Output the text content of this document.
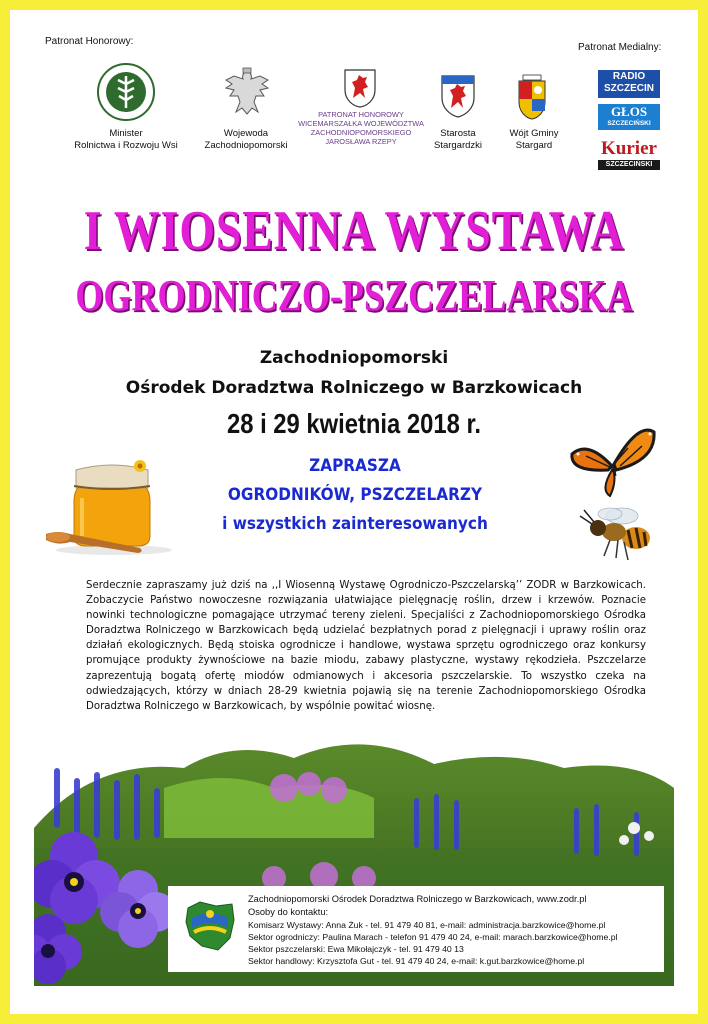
Patronat Honorowy:
Patronat Medialny:
Minister
Rolnictwa i Rozwoju Wsi
Wojewoda
Zachodniopomorski
PATRONAT HONOROWY
WICEMARSZAŁKA WOJEWÓDZTWA
ZACHODNIOPOMORSKIEGO
JAROSŁAWA RZEPY
Starosta
Stargardzki
Wójt Gminy
Stargard
RADIO
SZCZECIN
GŁOS
SZCZECIŃSKI
Kurier
SZCZECIŃSKI
I WIOSENNA WYSTAWA
OGRODNICZO-PSZCZELARSKA
Zachodniopomorski
Ośrodek Doradztwa Rolniczego w Barzkowicach
28 i 29 kwietnia 2018 r.
ZAPRASZA
OGRODNIKÓW, PSZCZELARZY
i wszystkich zainteresowanych
Serdecznie zapraszamy już dziś na ,,I Wiosenną Wystawę Ogrodniczo-Pszczelarską’’ ZODR w Barzkowicach. Zobaczycie Państwo nowoczesne rozwiązania ułatwiające pielęgnację roślin, drzew i krzewów. Poznacie nowinki technologiczne pomagające utrzymać tereny zieleni. Specjaliści z Zachodniopomorskiego Ośrodka Doradztwa Rolniczego w Barzkowicach będą udzielać bezpłatnych porad z pielęgnacji i uprawy roślin oraz działań ekologicznych. Będą stoiska ogrodnicze i handlowe, wystawa sprzętu ogrodniczego oraz konkursy promujące produkty żywnościowe na bazie miodu, zabawy plastyczne, wystawy rękodzieła. Pszczelarze zaprezentują bogatą ofertę miodów odmianowych i akcesoria pszczelarskie. To wszystko czeka na odwiedzających, którzy w dniach 28-29 kwietnia pojawią się na terenie Zachodniopomorskiego Ośrodka Doradztwa Rolniczego w Barzkowicach, by wspólnie powitać wiosnę.
Zachodniopomorski Ośrodek Doradztwa Rolniczego w Barzkowicach, www.zodr.pl
Osoby do kontaktu:
Komisarz Wystawy: Anna Żuk - tel. 91 479 40 81, e-mail: administracja.barzkowice@home.pl
Sektor ogrodniczy: Paulina Marach - telefon 91 479 40 24, e-mail: marach.barzkowice@home.pl
Sektor pszczelarski: Ewa Mikołajczyk - tel. 91 479 40 13
Sektor handlowy: Krzysztofa Gut - tel. 91 479 40 24, e-mail: k.gut.barzkowice@home.pl
